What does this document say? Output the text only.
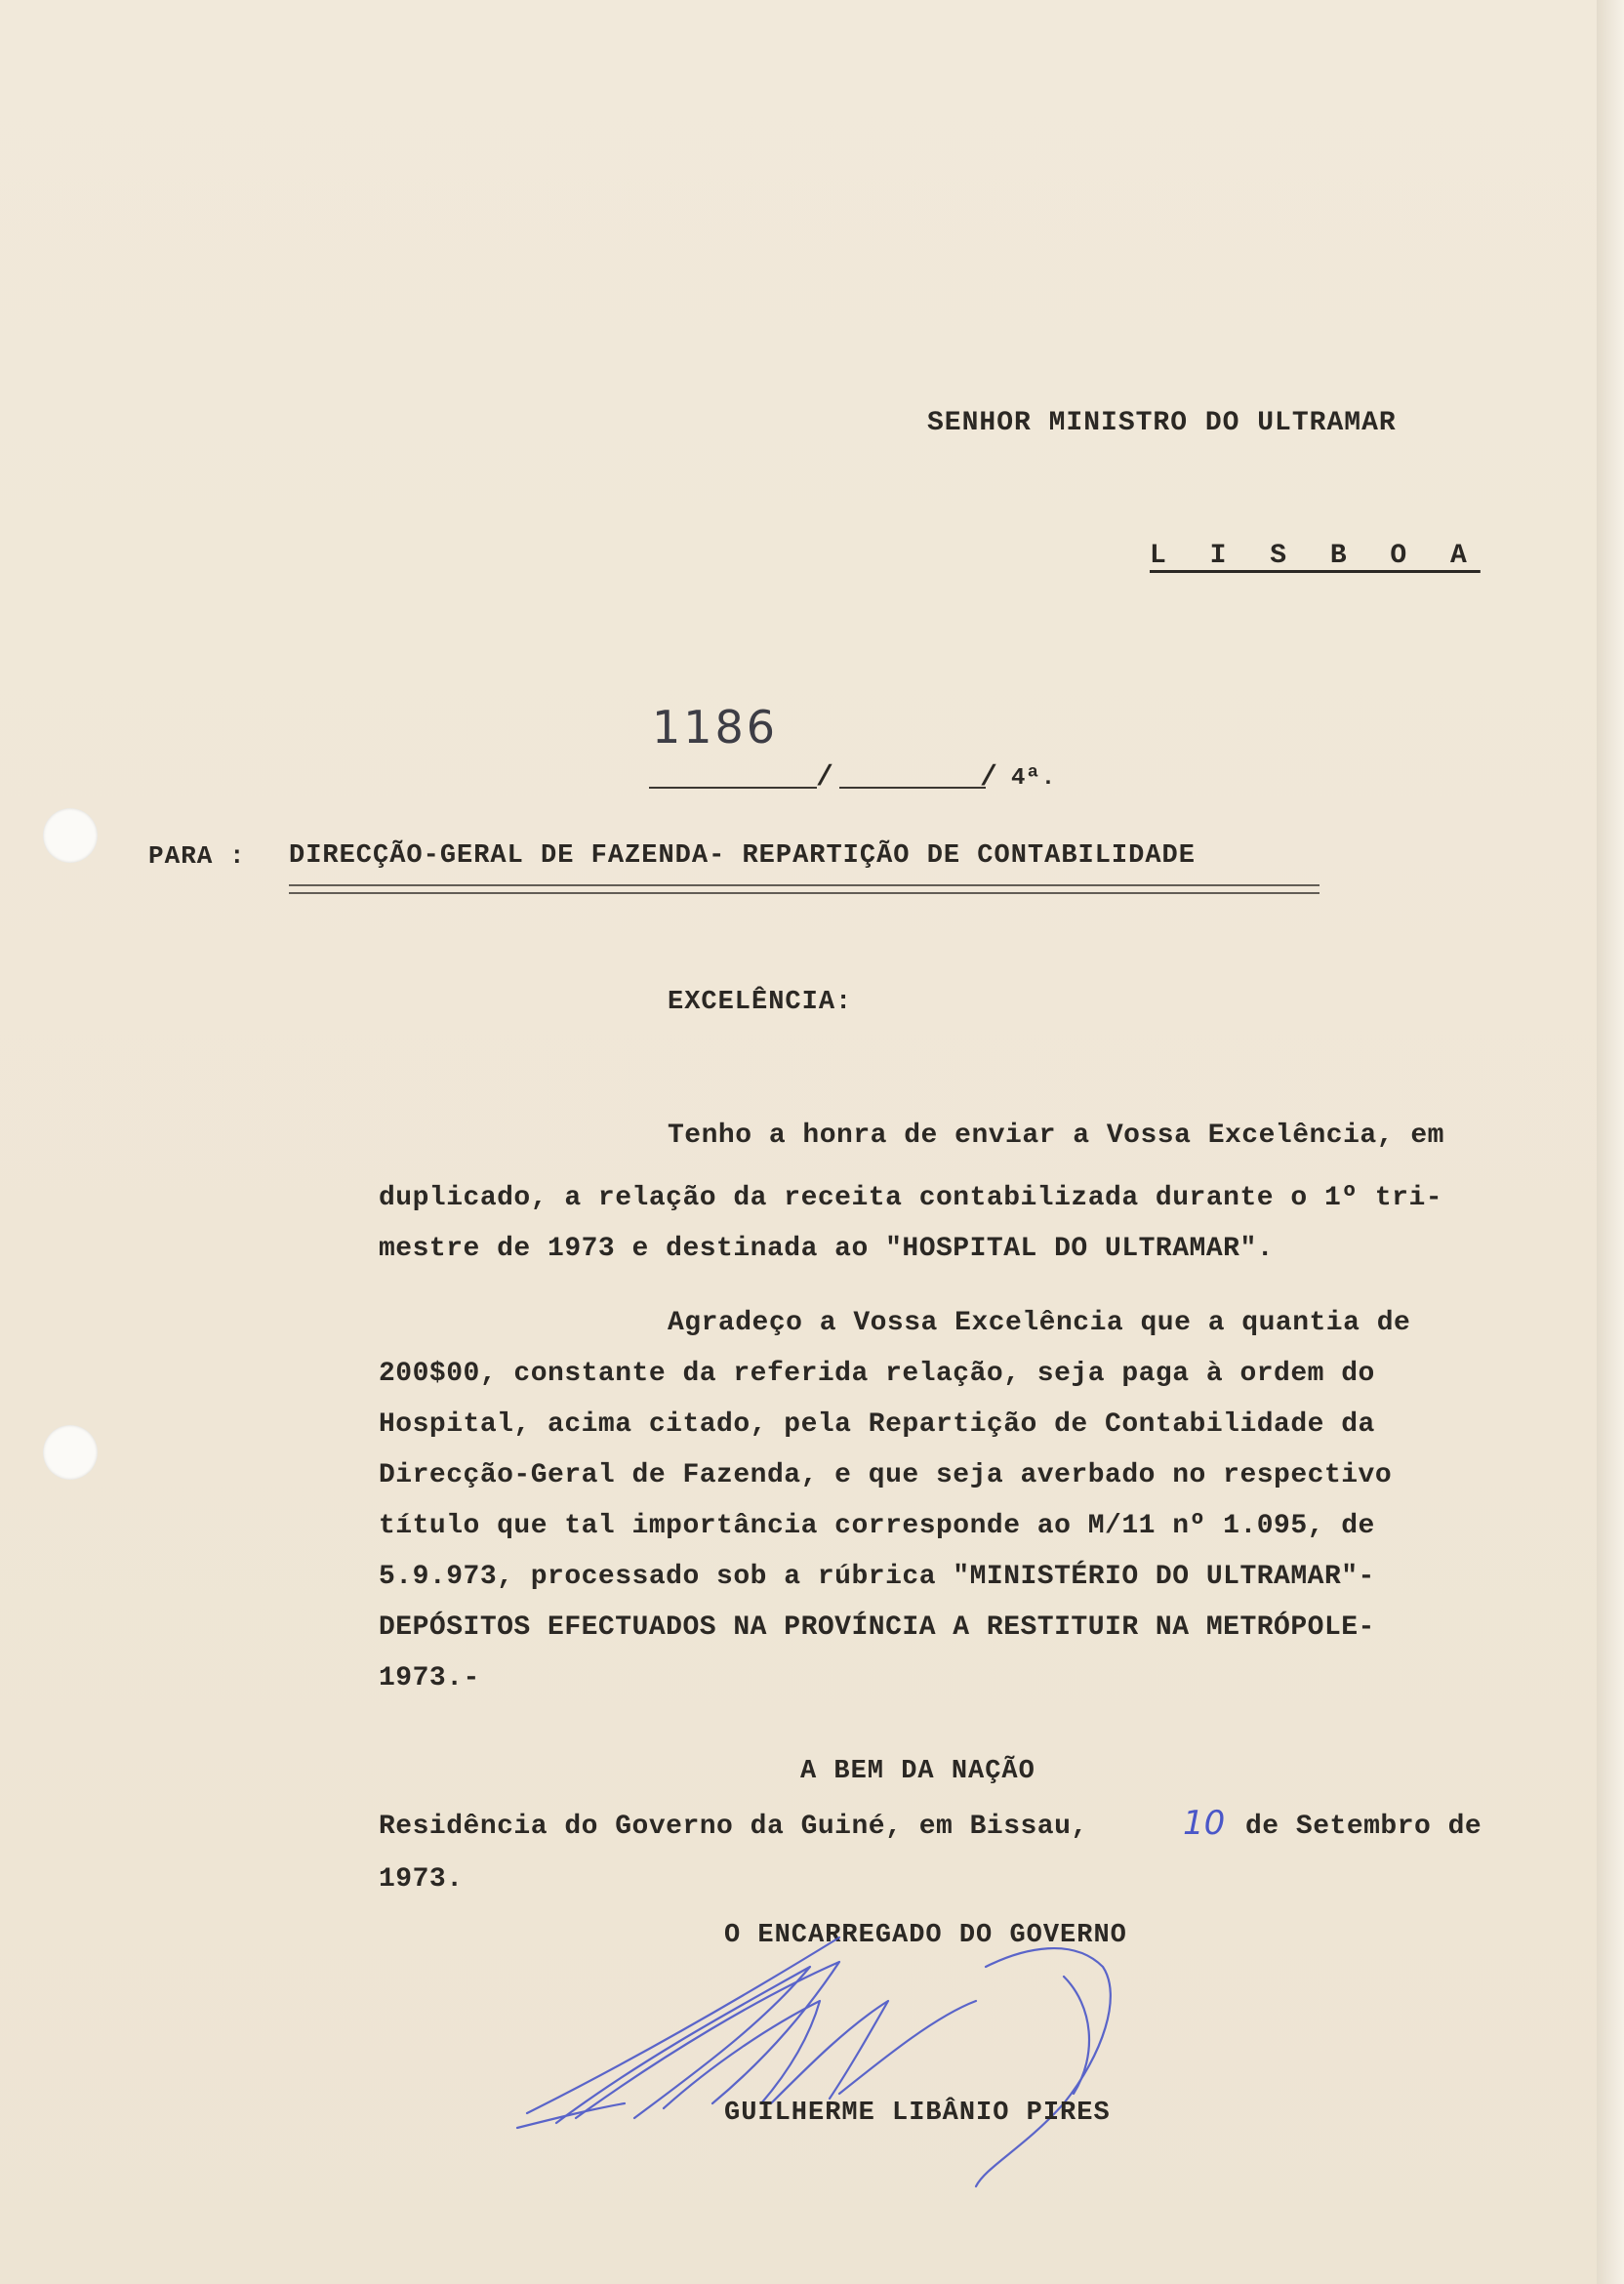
SENHOR MINISTRO DO ULTRAMAR
L I S B O A
1186
/	/ 4ª.
PARA : DIRECÇÃO-GERAL DE FAZENDA- REPARTIÇÃO DE CONTABILIDADE
EXCELÊNCIA:
Tenho a honra de enviar a Vossa Excelência, em
duplicado, a relação da receita contabilizada durante o 1º tri-
mestre de 1973 e destinada ao "HOSPITAL DO ULTRAMAR".
Agradeço a Vossa Excelência que a quantia de
200$00, constante da referida relação, seja paga à ordem do
Hospital, acima citado, pela Repartição de Contabilidade da
Direcção-Geral de Fazenda, e que seja averbado no respectivo
título que tal importância corresponde ao M/11 nº 1.095, de
5.9.973, processado sob a rúbrica "MINISTÉRIO DO ULTRAMAR"-
DEPÓSITOS EFECTUADOS NA PROVÍNCIA A RESTITUIR NA METRÓPOLE-
1973.-
A BEM DA NAÇÃO
Residência do Governo da Guiné, em Bissau,	10 de Setembro de
1973.
O ENCARREGADO DO GOVERNO
GUILHERME LIBÂNIO PIRES
